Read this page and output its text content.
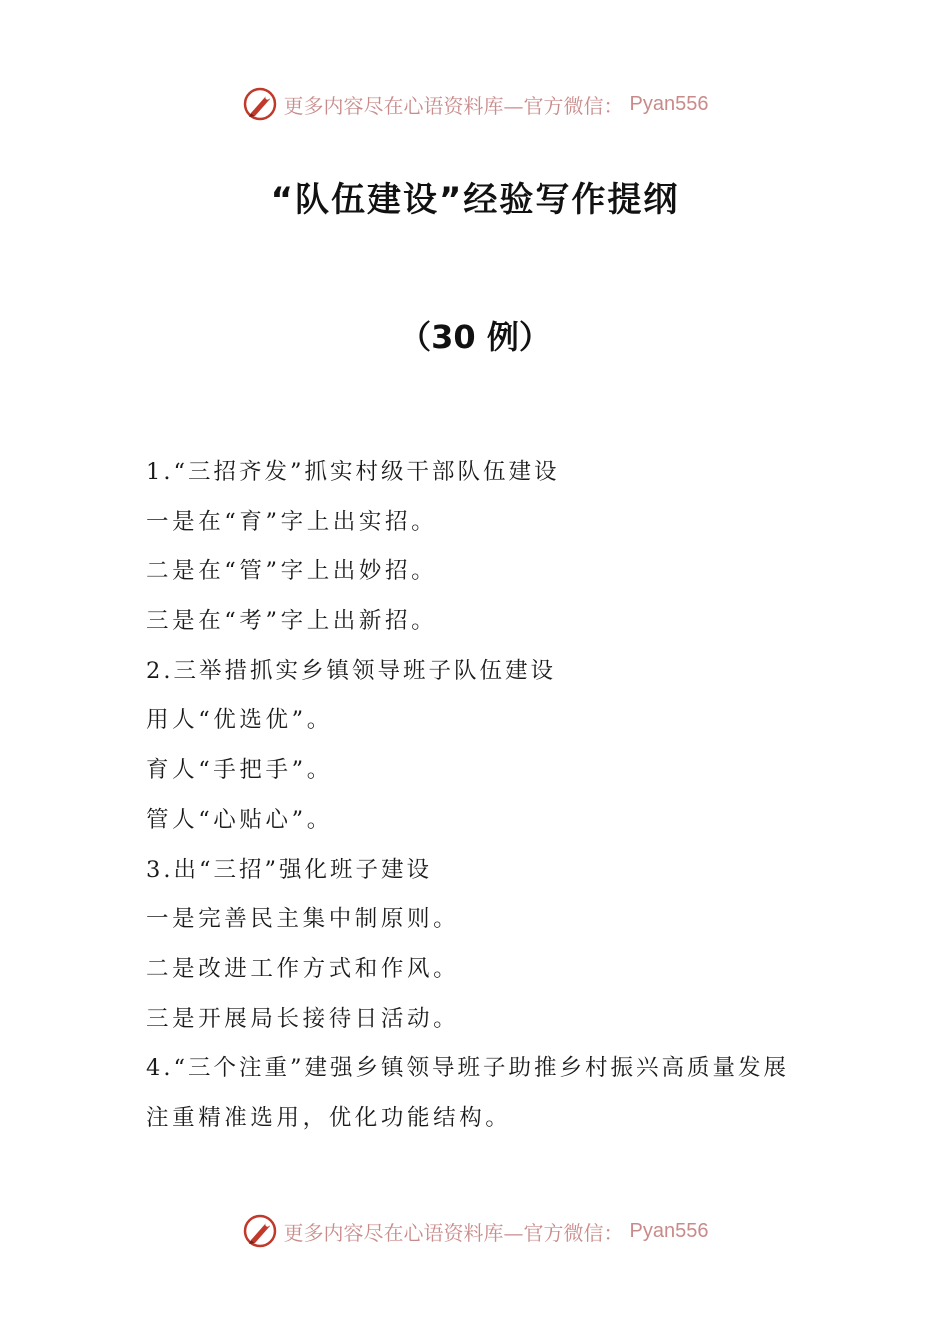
更多内容尽在心语资料库—官方微信： Pyan556
“队伍建设”经验写作提纲
（30 例）
1.“三招齐发”抓实村级干部队伍建设
一是在“育”字上出实招。
二是在“管”字上出妙招。
三是在“考”字上出新招。
2.三举措抓实乡镇领导班子队伍建设
用人“优选优”。
育人“手把手”。
管人“心贴心”。
3.出“三招”强化班子建设
一是完善民主集中制原则。
二是改进工作方式和作风。
三是开展局长接待日活动。
4.“三个注重”建强乡镇领导班子助推乡村振兴高质量发展
注重精准选用，优化功能结构。
更多内容尽在心语资料库—官方微信： Pyan556
